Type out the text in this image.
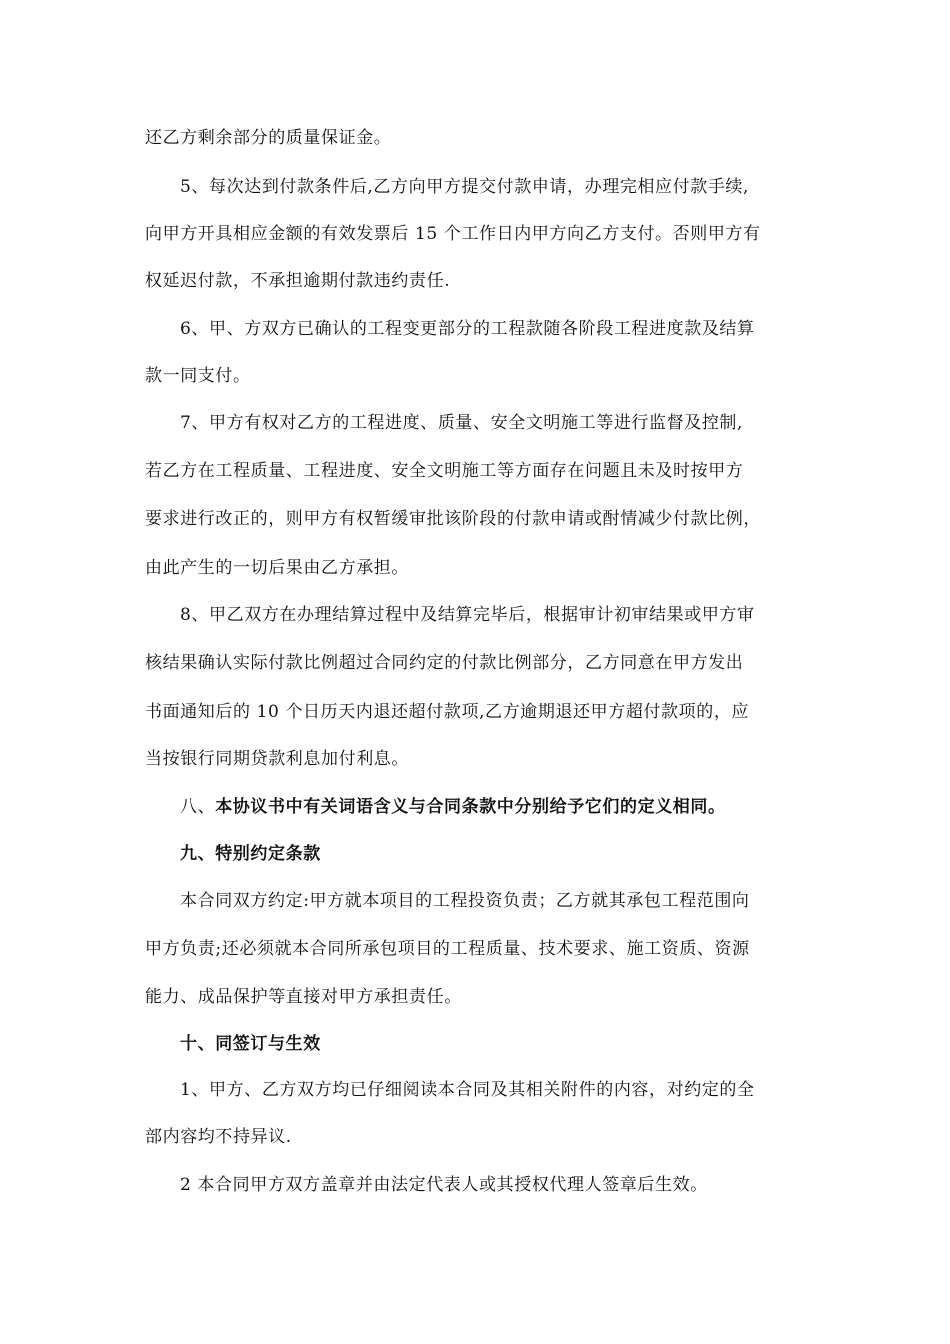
还乙方剩余部分的质量保证金。
5、每次达到付款条件后,乙方向甲方提交付款申请，办理完相应付款手续,
向甲方开具相应金额的有效发票后 15 个工作日内甲方向乙方支付。否则甲方有
权延迟付款，不承担逾期付款违约责任.
6、甲、方双方已确认的工程变更部分的工程款随各阶段工程进度款及结算
款一同支付。
7、甲方有权对乙方的工程进度、质量、安全文明施工等进行监督及控制,
若乙方在工程质量、工程进度、安全文明施工等方面存在问题且未及时按甲方
要求进行改正的，则甲方有权暂缓审批该阶段的付款申请或酎情减少付款比例，
由此产生的一切后果由乙方承担。
8、甲乙双方在办理结算过程中及结算完毕后，根据审计初审结果或甲方审
核结果确认实际付款比例超过合同约定的付款比例部分，乙方同意在甲方发出
书面通知后的 10 个日历天内退还超付款项,乙方逾期退还甲方超付款项的，应
当按银行同期贷款利息加付利息。
八、本协议书中有关词语含义与合同条款中分别给予它们的定义相同。
九、特别约定条款
本合同双方约定:甲方就本项目的工程投资负责；乙方就其承包工程范围向
甲方负责;还必须就本合同所承包项目的工程质量、技术要求、施工资质、资源
能力、成品保护等直接对甲方承担责任。
十、同签订与生效
1、甲方、乙方双方均已仔细阅读本合同及其相关附件的内容，对约定的全
部内容均不持异议.
2 本合同甲方双方盖章并由法定代表人或其授权代理人签章后生效。
